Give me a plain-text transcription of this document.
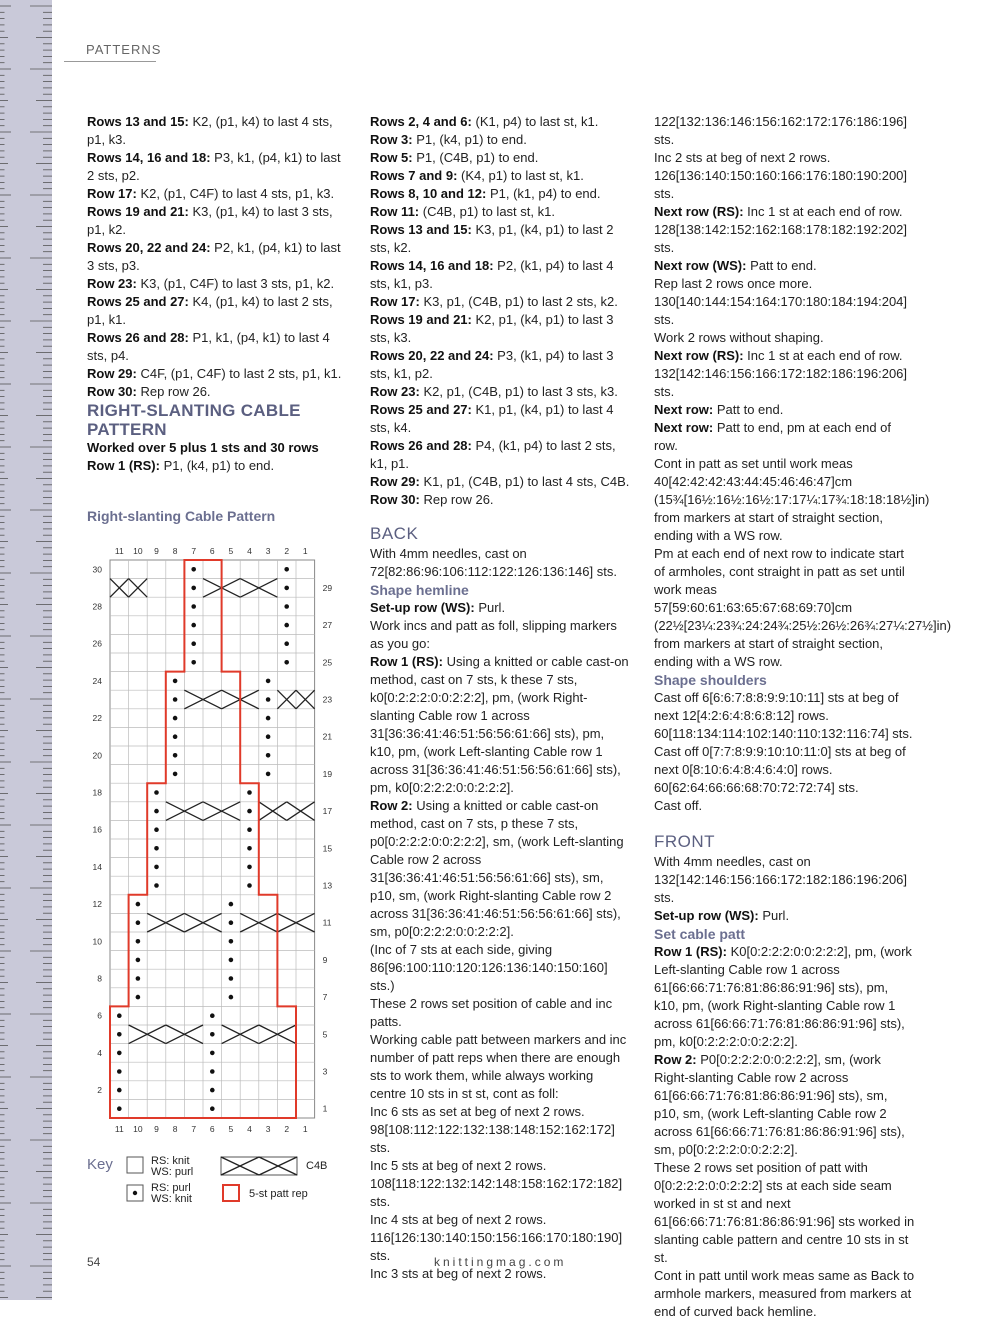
PATTERNS

Rows 13 and 15: K2, (p1, k4) to last 4 sts, p1, k3.

Rows 14, 16 and 18: P3, k1, (p4, k1) to last 2 sts, p2.

Row 17: K2, (p1, C4F) to last 4 sts, p1, k3.

Rows 19 and 21: K3, (p1, k4) to last 3 sts, p1, k2.

Rows 20, 22 and 24: P2, k1, (p4, k1) to last 3 sts, p3.

Row 23: K3, (p1, C4F) to last 3 sts, p1, k2.

Rows 25 and 27: K4, (p1, k4) to last 2 sts, p1, k1.

Rows 26 and 28: P1, k1, (p4, k1) to last 4 sts, p4.

Row 29: C4F, (p1, C4F) to last 2 sts, p1, k1.

Row 30: Rep row 26.

RIGHT-SLANTING CABLE PATTERN

Worked over 5 plus 1 sts and 30 rows

Row 1 (RS): P1, (k4, p1) to end.

Right-slanting Cable Pattern
11
11
10
10
9
9
8
8
7
7
6
6
5
5
4
4
3
3
2
2
1
1
30
28
26
24
22
20
18
16
14
12
10
8
6
4
2
29
27
25
23
21
19
17
15
13
11
9
7
5
3
1
Key	RS: knit
WS: purl
RS: purl
WS: knit
C4B
5-st patt rep

Rows 2, 4 and 6: (K1, p4) to last st, k1.

Row 3: P1, (k4, p1) to end.

Row 5: P1, (C4B, p1) to end.

Rows 7 and 9: (K4, p1) to last st, k1.

Rows 8, 10 and 12: P1, (k1, p4) to end.

Row 11: (C4B, p1) to last st, k1.

Rows 13 and 15: K3, p1, (k4, p1) to last 2 sts, k2.

Rows 14, 16 and 18: P2, (k1, p4) to last 4 sts, k1, p3.

Row 17: K3, p1, (C4B, p1) to last 2 sts, k2.

Rows 19 and 21: K2, p1, (k4, p1) to last 3 sts, k3.

Rows 20, 22 and 24: P3, (k1, p4) to last 3 sts, k1, p2.

Row 23: K2, p1, (C4B, p1) to last 3 sts, k3.

Rows 25 and 27: K1, p1, (k4, p1) to last 4 sts, k4.

Rows 26 and 28: P4, (k1, p4) to last 2 sts, k1, p1.

Row 29: K1, p1, (C4B, p1) to last 4 sts, C4B.

Row 30: Rep row 26.

BACK

With 4mm needles, cast on 72[82:86:96:106:112:122:126:136:146] sts.

Shape hemline

Set-up row (WS): Purl.

Work incs and patt as foll, slipping markers as you go:

Row 1 (RS): Using a knitted or cable cast-on method, cast on 7 sts, k these 7 sts, k0[0:2:2:2:0:0:2:2:2], pm, (work Right-slanting Cable row 1 across 31[36:36:41:46:51:56:56:61:66] sts), pm, k10, pm, (work Left-slanting Cable row 1 across 31[36:36:41:46:51:56:56:61:66] sts), pm, k0[0:2:2:2:0:0:2:2:2].

Row 2: Using a knitted or cable cast-on method, cast on 7 sts, p these 7 sts, p0[0:2:2:2:0:0:2:2:2], sm, (work Left-slanting Cable row 2 across 31[36:36:41:46:51:56:56:61:66] sts), sm, p10, sm, (work Right-slanting Cable row 2 across 31[36:36:41:46:51:56:56:61:66] sts), sm, p0[0:2:2:2:0:0:2:2:2].

(Inc of 7 sts at each side, giving 86[96:100:110:120:126:136:140:150:160] sts.)

These 2 rows set position of cable and inc patts.

Working cable patt between markers and inc number of patt reps when there are enough sts to work them, while always working centre 10 sts in st st, cont as foll:

Inc 6 sts as set at beg of next 2 rows. 98[108:112:122:132:138:148:152:162:172] sts.

Inc 5 sts at beg of next 2 rows. 108[118:122:132:142:148:158:162:172:182] sts.

Inc 4 sts at beg of next 2 rows. 116[126:130:140:150:156:166:170:180:190] sts.

Inc 3 sts at beg of next 2 rows.

122[132:136:146:156:162:172:176:186:196] sts.

Inc 2 sts at beg of next 2 rows. 126[136:140:150:160:166:176:180:190:200] sts.

Next row (RS): Inc 1 st at each end of row. 128[138:142:152:162:168:178:182:192:202] sts.

Next row (WS): Patt to end.

Rep last 2 rows once more. 130[140:144:154:164:170:180:184:194:204] sts.

Work 2 rows without shaping.

Next row (RS): Inc 1 st at each end of row. 132[142:146:156:166:172:182:186:196:206] sts.

Next row: Patt to end.

Next row: Patt to end, pm at each end of row.

Cont in patt as set until work meas 40[42:42:42:43:44:45:46:46:47]cm (15¾[16½:16½:16½:17:17¼:17¾:18:18:18½]in) from markers at start of straight section, ending with a WS row.

Pm at each end of next row to indicate start of armholes, cont straight in patt as set until work meas 57[59:60:61:63:65:67:68:69:70]cm (22½[23¼:23¾:24:24¾:25½:26½:26¾:27¼:27½]in) from markers at start of straight section, ending with a WS row.

Shape shoulders

Cast off 6[6:6:7:8:8:9:9:10:11] sts at beg of next 12[4:2:6:4:8:6:8:12] rows. 60[118:134:114:102:140:110:132:116:74] sts.

Cast off 0[7:7:8:9:9:10:10:11:0] sts at beg of next 0[8:10:6:4:8:4:6:4:0] rows. 60[62:64:66:66:68:70:72:72:74] sts.

Cast off.

FRONT

With 4mm needles, cast on 132[142:146:156:166:172:182:186:196:206] sts.

Set-up row (WS): Purl.

Set cable patt

Row 1 (RS): K0[0:2:2:2:0:0:2:2:2], pm, (work Left-slanting Cable row 1 across 61[66:66:71:76:81:86:86:91:96] sts), pm, k10, pm, (work Right-slanting Cable row 1 across 61[66:66:71:76:81:86:86:91:96] sts), pm, k0[0:2:2:2:0:0:2:2:2].

Row 2: P0[0:2:2:2:0:0:2:2:2], sm, (work Right-slanting Cable row 2 across 61[66:66:71:76:81:86:86:91:96] sts), sm, p10, sm, (work Left-slanting Cable row 2 across 61[66:66:71:76:81:86:86:91:96] sts), sm, p0[0:2:2:2:0:0:2:2:2].

These 2 rows set position of patt with 0[0:2:2:2:0:0:2:2:2] sts at each side seam worked in st st and next 61[66:66:71:76:81:86:86:91:96] sts worked in slanting cable pattern and centre 10 sts in st st.

Cont in patt until work meas same as Back to armhole markers, measured from markers at end of curved back hemline.

54	knittingmag.com
